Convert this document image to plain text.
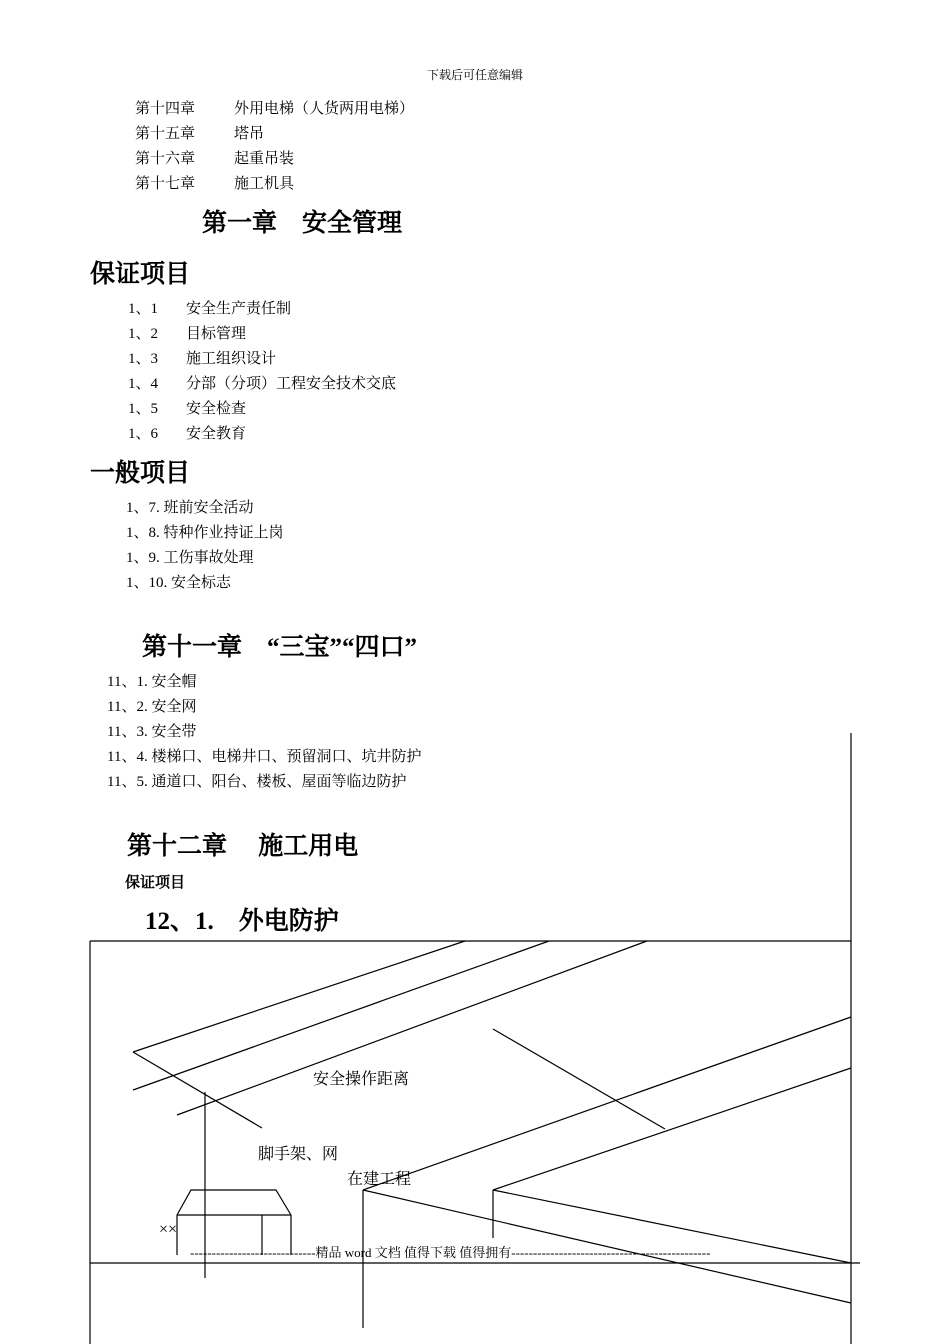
下载后可任意编辑
第十四章	外用电梯（人货两用电梯）
第十五章	塔吊
第十六章	起重吊装
第十七章	施工机具
第一章　安全管理
保证项目
1、1 安全生产责任制
1、2 目标管理
1、3 施工组织设计
1、4 分部（分项）工程安全技术交底
1、5 安全检查
1、6 安全教育
一般项目
1、7. 班前安全活动
1、8. 特种作业持证上岗
1、9. 工伤事故处理
1、10. 安全标志
第十一章　“三宝”“四口”
11、1. 安全帽
11、2. 安全网
11、3. 安全带
11、4. 楼梯口、电梯井口、预留洞口、坑井防护
11、5. 通道口、阳台、楼板、屋面等临边防护
第十二章　 施工用电
保证项目
12、1.　外电防护
安全操作距离
脚手架、网
在建工程
××
-----------------------------精品 word 文档 值得下载 值得拥有----------------------------------------------
